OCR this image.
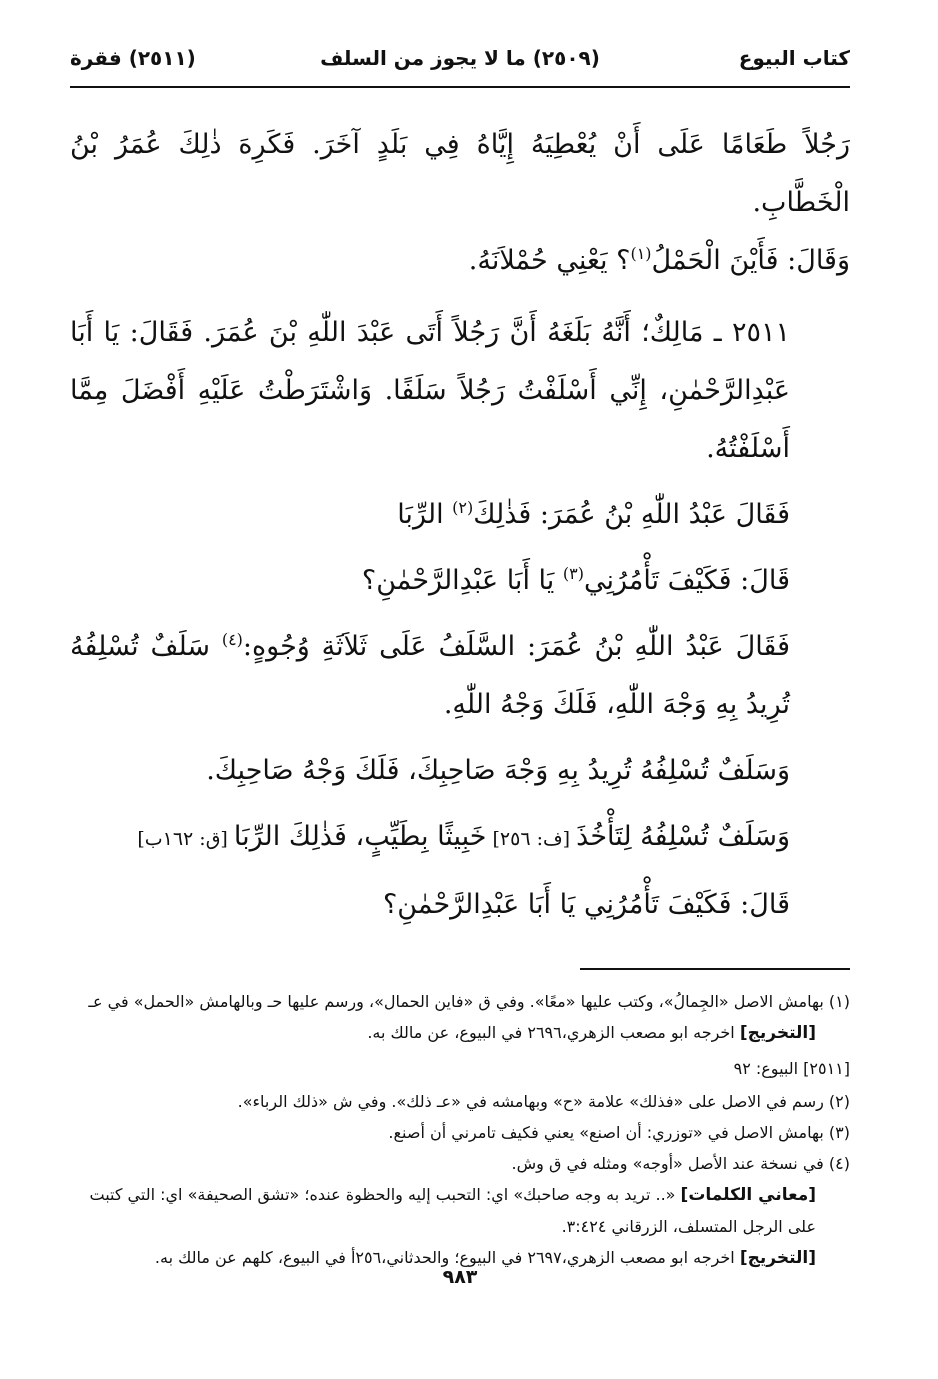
كتاب البيوع
(٢٥٠٩) ما لا يجوز من السلف
(٢٥١١) فقرة

رَجُلاً طَعَامًا عَلَى أَنْ يُعْطِيَهُ إِيَّاهُ فِي بَلَدٍ آخَرَ. فَكَرِهَ ذٰلِكَ عُمَرُ بْنُ الْخَطَّابِ.
وَقَالَ: فَأَيْنَ الْحَمْلُ$^{(١)}$؟ يَعْنِي حُمْلاَنَهُ.

٢٥١١ ـ مَالِكٌ؛ أَنَّهُ بَلَغَهُ أَنَّ رَجُلاً أَتَى عَبْدَ اللّٰهِ بْنَ عُمَرَ. فَقَالَ: يَا أَبَا عَبْدِالرَّحْمٰنِ، إِنِّي أَسْلَفْتُ رَجُلاً سَلَفًا. وَاشْتَرَطْتُ عَلَيْهِ أَفْضَلَ مِمَّا أَسْلَفْتُهُ.

فَقَالَ عَبْدُ اللّٰهِ بْنُ عُمَرَ: فَذٰلِكَ$^{(٢)}$ الرِّبَا

قَالَ: فَكَيْفَ تَأْمُرُنِي$^{(٣)}$ يَا أَبَا عَبْدِالرَّحْمٰنِ؟

فَقَالَ عَبْدُ اللّٰهِ بْنُ عُمَرَ: السَّلَفُ عَلَى ثَلاَثَةِ وُجُوهٍ:$^{(٤)}$ سَلَفٌ تُسْلِفُهُ تُرِيدُ بِهِ وَجْهَ اللّٰهِ، فَلَكَ وَجْهُ اللّٰهِ.

وَسَلَفٌ تُسْلِفُهُ تُرِيدُ بِهِ وَجْهَ صَاحِبِكَ، فَلَكَ وَجْهُ صَاحِبِكَ.

وَسَلَفٌ تُسْلِفُهُ لِتَأْخُذَ [ف: ٢٥٦] خَبِيثًا بِطَيِّبٍ، فَذٰلِكَ الرِّبَا [ق: ١٦٢ب]

قَالَ: فَكَيْفَ تَأْمُرُنِي يَا أَبَا عَبْدِالرَّحْمٰنِ؟

(١) بهامش الاصل «الجِمالُ»، وكتب عليها «معًا». وفي ق «فاين الحمال»، ورسم عليها حـ وبالهامش «الحمل» في عـ

[التخريج] اخرجه ابو مصعب الزهري،٢٦٩٦ في البيوع، عن مالك به.

[٢٥١١] البيوع: ٩٢

(٢) رسم في الاصل على «فذلك» علامة «ح» وبهامشه في «عـ ذلك». وفي ش «ذلك الرباء».

(٣) بهامش الاصل في «توزري: أن اصنع» يعني فكيف تامرني أن أصنع.

(٤) في نسخة عند الأصل «أوجه» ومثله في ق وش.

[معاني الكلمات] «.. تريد به وجه صاحبك» اي: التحبب إليه والحظوة عنده؛ «تشق الصحيفة» اي: التي كتبت على الرجل المتسلف، الزرقاني ٣:٤٢٤.

[التخريج] اخرجه ابو مصعب الزهري،٢٦٩٧ في البيوع؛ والحدثاني،٢٥٦أ في البيوع، كلهم عن مالك به.

٩٨٣
